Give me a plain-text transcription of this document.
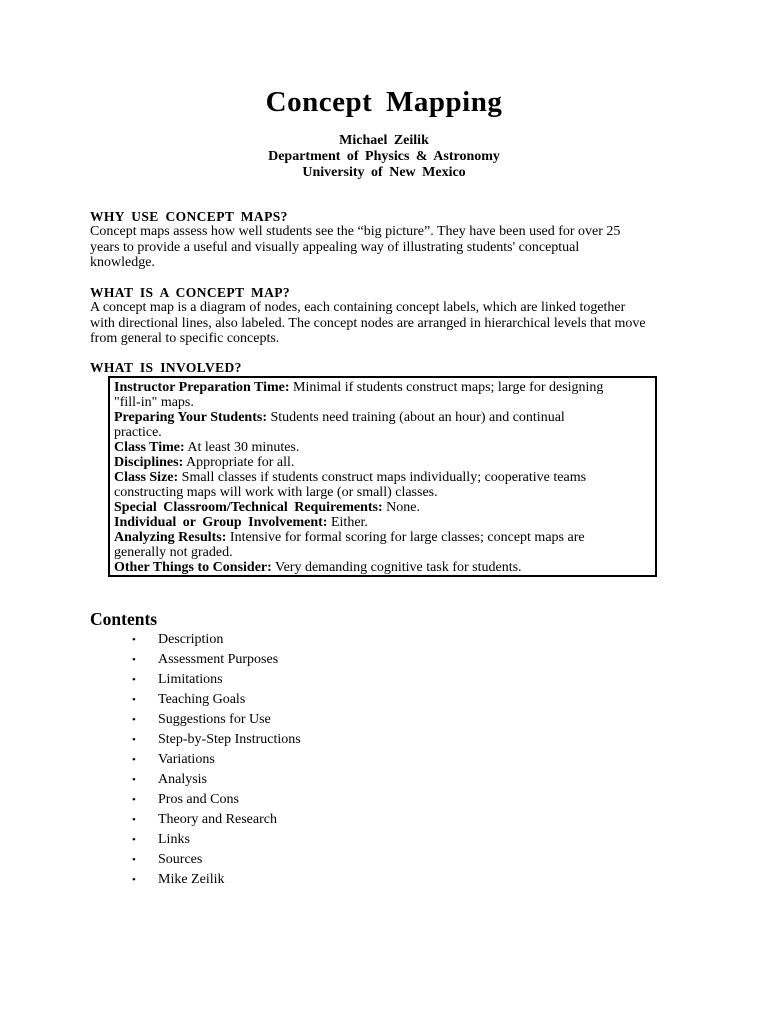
Concept Mapping
Michael Zeilik
Department of Physics & Astronomy
University of New Mexico
WHY USE CONCEPT MAPS?
Concept maps assess how well students see the “big picture”. They have been used for over 25
years to provide a useful and visually appealing way of illustrating students' conceptual
knowledge.
WHAT IS A CONCEPT MAP?
A concept map is a diagram of nodes, each containing concept labels, which are linked together
with directional lines, also labeled. The concept nodes are arranged in hierarchical levels that move
from general to specific concepts.
WHAT IS INVOLVED?
Instructor Preparation Time: Minimal if students construct maps; large for designing
"fill-in" maps.
Preparing Your Students: Students need training (about an hour) and continual
practice.
Class Time: At least 30 minutes.
Disciplines: Appropriate for all.
Class Size: Small classes if students construct maps individually; cooperative teams
constructing maps will work with large (or small) classes.
Special Classroom/Technical Requirements: None.
Individual or Group Involvement: Either.
Analyzing Results: Intensive for formal scoring for large classes; concept maps are
generally not graded.
Other Things to Consider: Very demanding cognitive task for students.
Contents
• Description
• Assessment Purposes
• Limitations
• Teaching Goals
• Suggestions for Use
• Step-by-Step Instructions
• Variations
• Analysis
• Pros and Cons
• Theory and Research
• Links
• Sources
• Mike Zeilik
